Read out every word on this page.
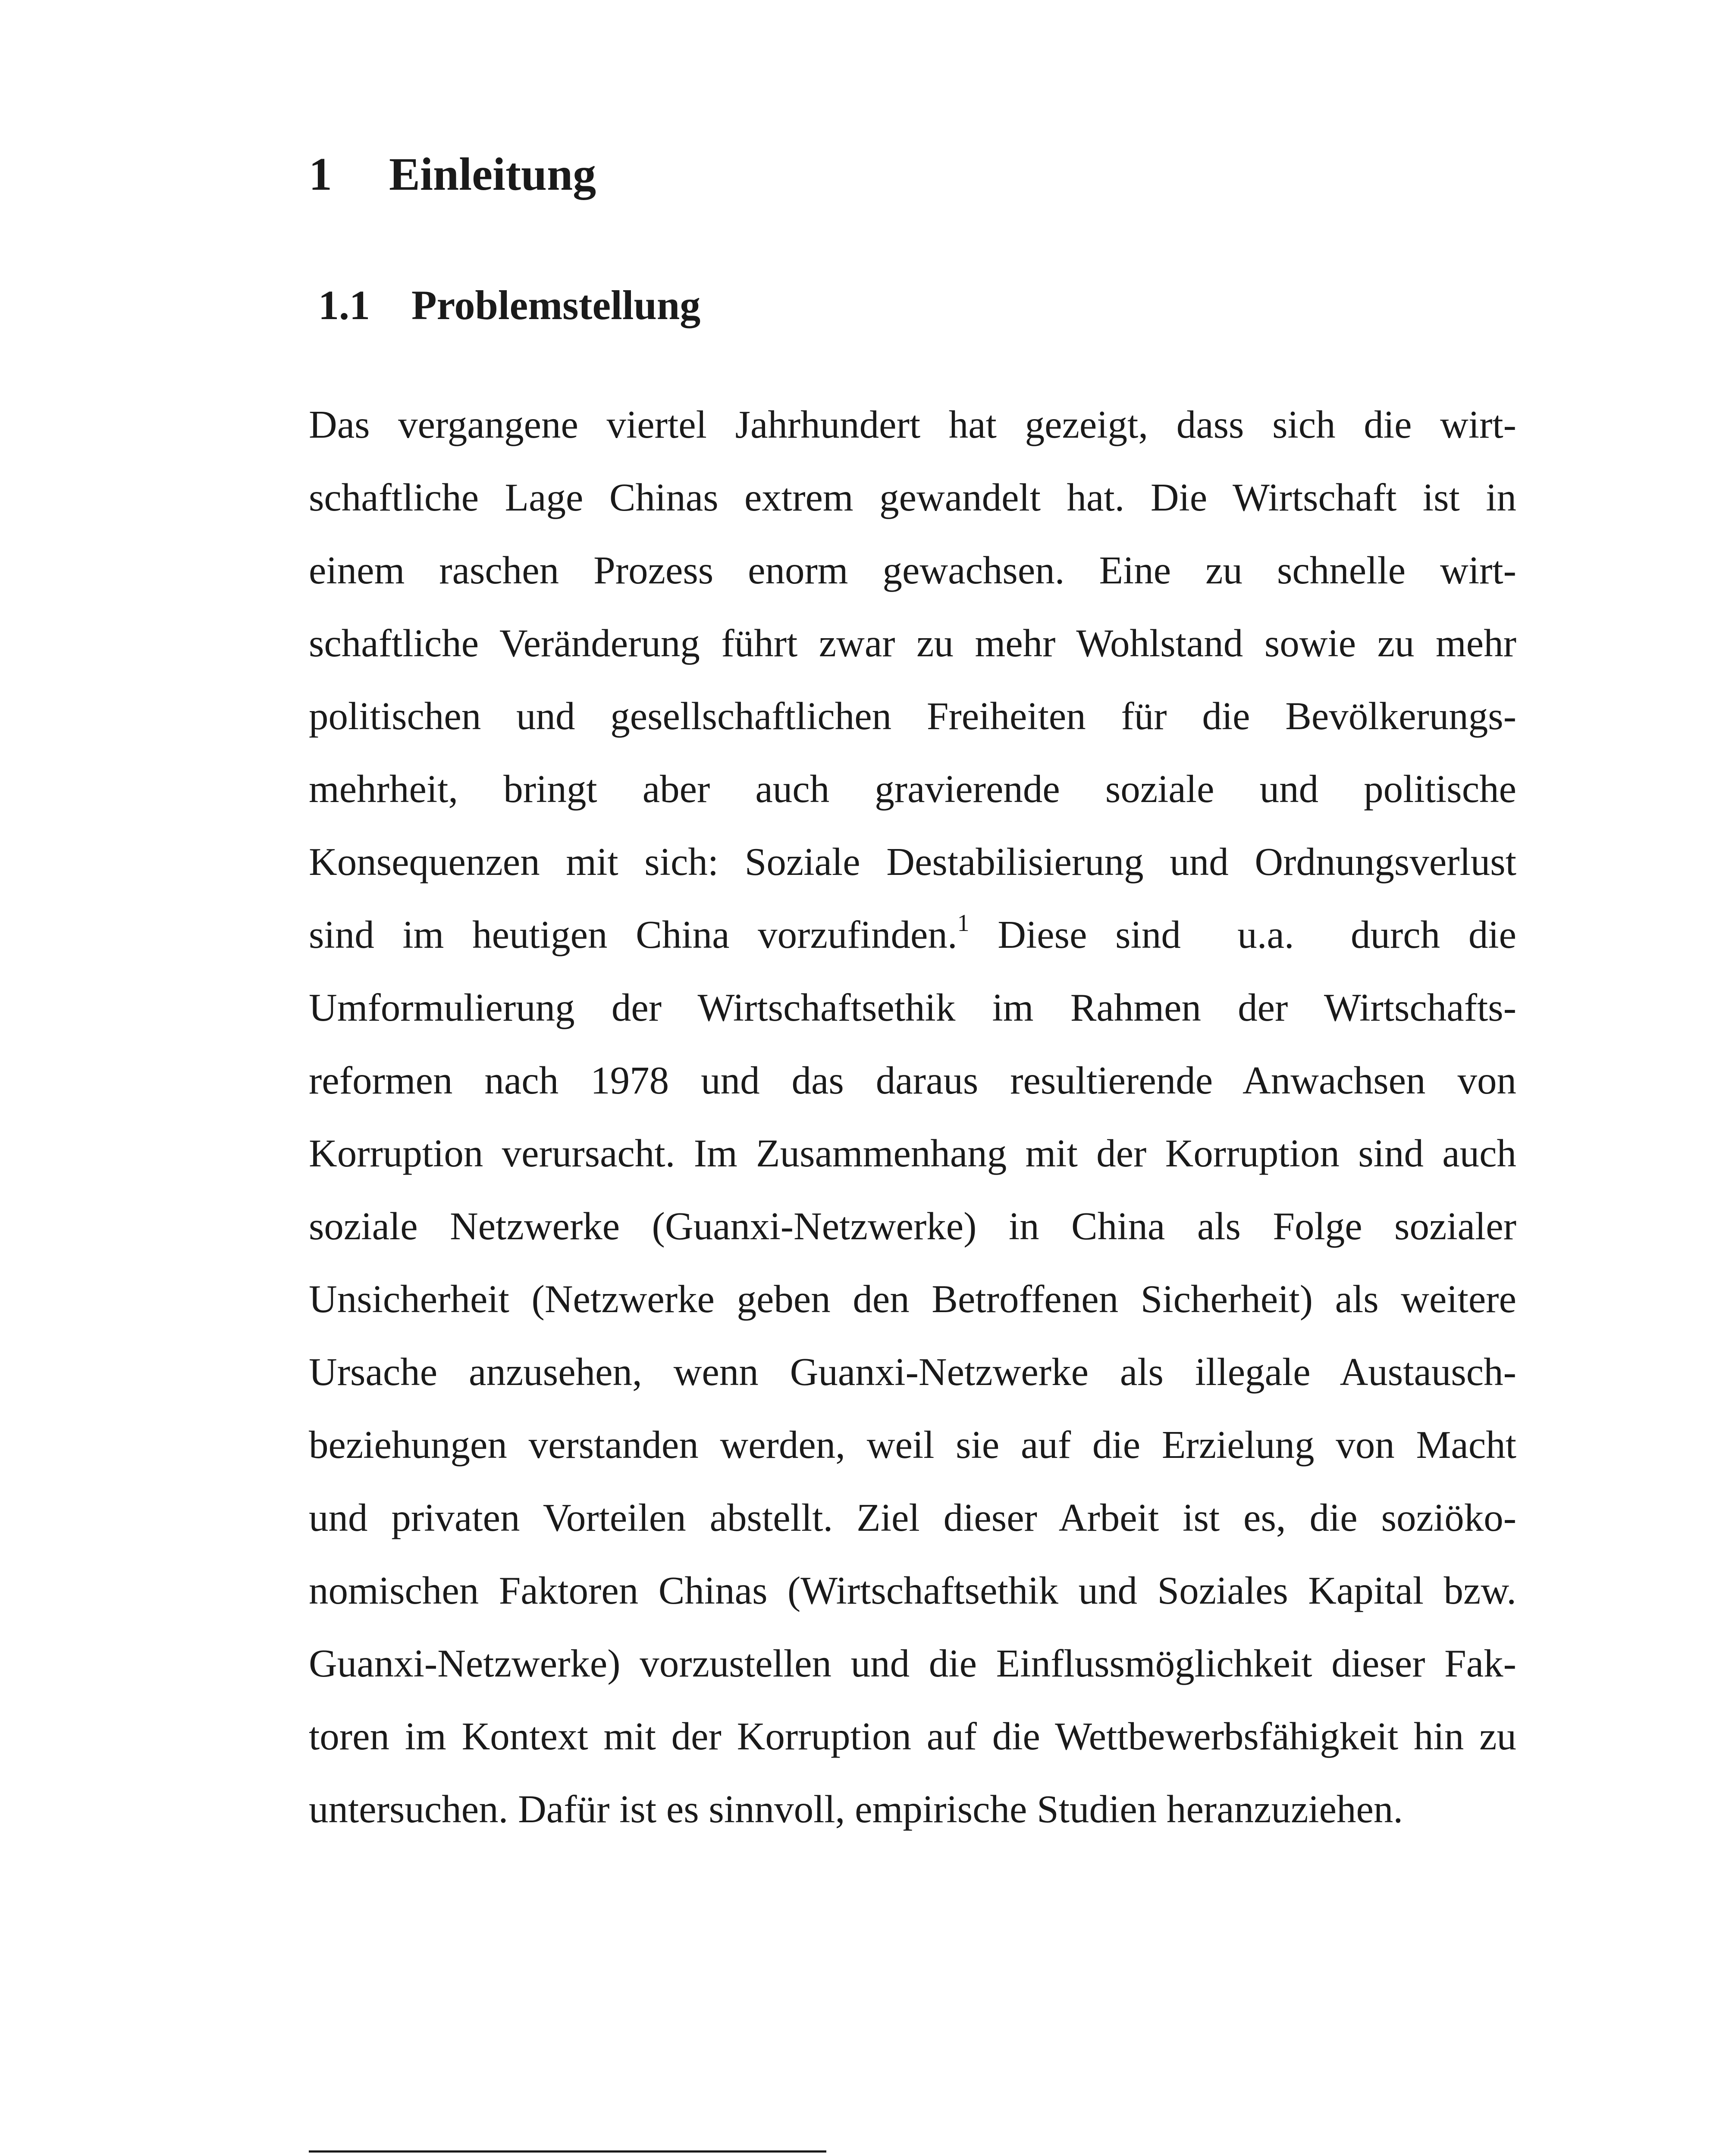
1 Einleitung
1.1 Problemstellung
Das vergangene viertel Jahrhundert hat gezeigt, dass sich die wirt-
schaftliche Lage Chinas extrem gewandelt hat. Die Wirtschaft ist in
einem raschen Prozess enorm gewachsen. Eine zu schnelle wirt-
schaftliche Veränderung führt zwar zu mehr Wohlstand sowie zu mehr
politischen und gesellschaftlichen Freiheiten für die Bevölkerungs-
mehrheit, bringt aber auch gravierende soziale und politische
Konsequenzen mit sich: Soziale Destabilisierung und Ordnungsverlust
sind im heutigen China vorzufinden.$^1$ Diese sind  u.a.  durch die
Umformulierung der Wirtschaftsethik im Rahmen der Wirtschafts-
reformen nach 1978 und das daraus resultierende Anwachsen von
Korruption verursacht. Im Zusammenhang mit der Korruption sind auch
soziale Netzwerke (Guanxi-Netzwerke) in China als Folge sozialer
Unsicherheit (Netzwerke geben den Betroffenen Sicherheit) als weitere
Ursache anzusehen, wenn Guanxi-Netzwerke als illegale Austausch-
beziehungen verstanden werden, weil sie auf die Erzielung von Macht
und privaten Vorteilen abstellt. Ziel dieser Arbeit ist es, die soziöko-
nomischen Faktoren Chinas (Wirtschaftsethik und Soziales Kapital bzw.
Guanxi-Netzwerke) vorzustellen und die Einflussmöglichkeit dieser Fak-
toren im Kontext mit der Korruption auf die Wettbewerbsfähigkeit hin zu
untersuchen. Dafür ist es sinnvoll, empirische Studien heranzuziehen.
